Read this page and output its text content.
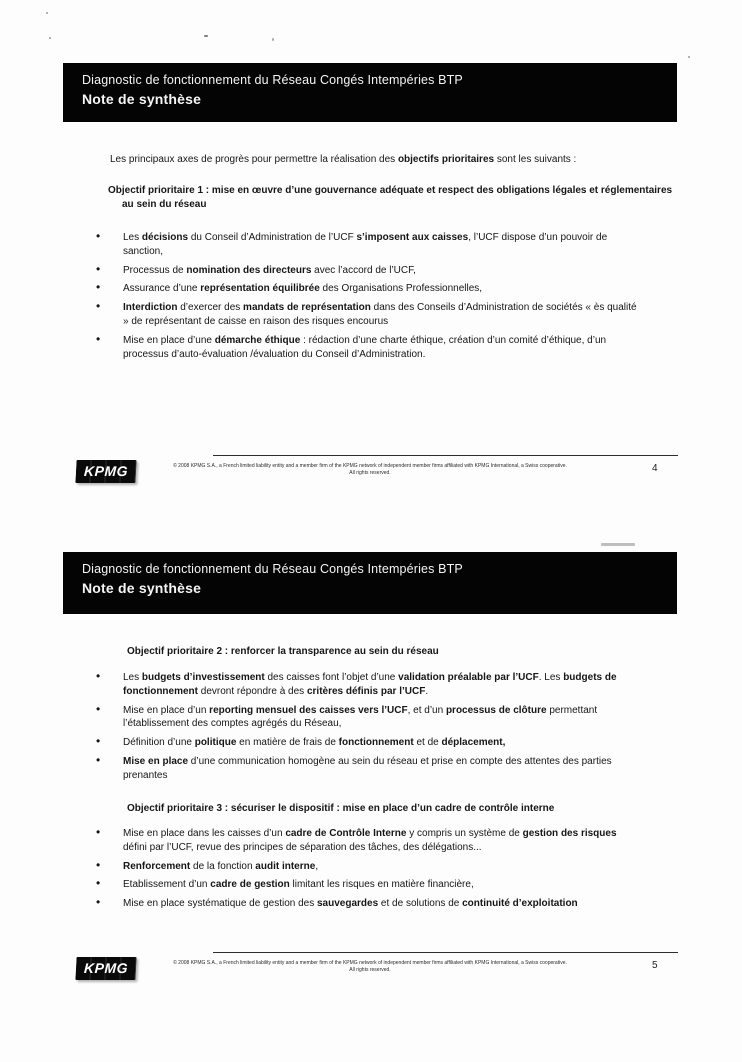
Diagnostic de fonctionnement du Réseau Congés Intempéries BTP
Note de synthèse

Les principaux axes de progrès pour permettre la réalisation des objectifs prioritaires sont les suivants :

Objectif prioritaire 1 : mise en œuvre d’une gouvernance adéquate et respect des obligations légales et réglementaires au sein du réseau
• Les décisions du Conseil d’Administration de l’UCF s’imposent aux caisses, l’UCF dispose d’un pouvoir de sanction,
• Processus de nomination des directeurs avec l’accord de l’UCF,
• Assurance d’une représentation équilibrée des Organisations Professionnelles,
• Interdiction d’exercer des mandats de représentation dans des Conseils d’Administration de sociétés « ès qualité » de représentant de caisse en raison des risques encourus
• Mise en place d’une démarche éthique : rédaction d’une charte éthique, création d’un comité d’éthique, d’un processus d’auto-évaluation /évaluation du Conseil d’Administration.
KPMG	© 2008 KPMG S.A., a French limited liability entity and a member firm of the KPMG network of independent member firms affiliated with KPMG International, a Swiss cooperative.
All rights reserved.	4
Diagnostic de fonctionnement du Réseau Congés Intempéries BTP
Note de synthèse
Objectif prioritaire 2 : renforcer la transparence au sein du réseau
• Les budgets d’investissement des caisses font l’objet d’une validation préalable par l’UCF. Les budgets de fonctionnement devront répondre à des critères définis par l’UCF.
• Mise en place d’un reporting mensuel des caisses vers l’UCF, et d’un processus de clôture permettant l’établissement des comptes agrégés du Réseau,
• Définition d’une politique en matière de frais de fonctionnement et de déplacement,
• Mise en place d’une communication homogène au sein du réseau et prise en compte des attentes des parties prenantes
Objectif prioritaire 3 : sécuriser le dispositif : mise en place d’un cadre de contrôle interne
• Mise en place dans les caisses d’un cadre de Contrôle Interne y compris un système de gestion des risques défini par l’UCF, revue des principes de séparation des tâches, des délégations...
• Renforcement de la fonction audit interne,
• Etablissement d’un cadre de gestion limitant les risques en matière financière,
• Mise en place systématique de gestion des sauvegardes et de solutions de continuité d’exploitation
KPMG	© 2008 KPMG S.A., a French limited liability entity and a member firm of the KPMG network of independent member firms affiliated with KPMG International, a Swiss cooperative.
All rights reserved.	5
